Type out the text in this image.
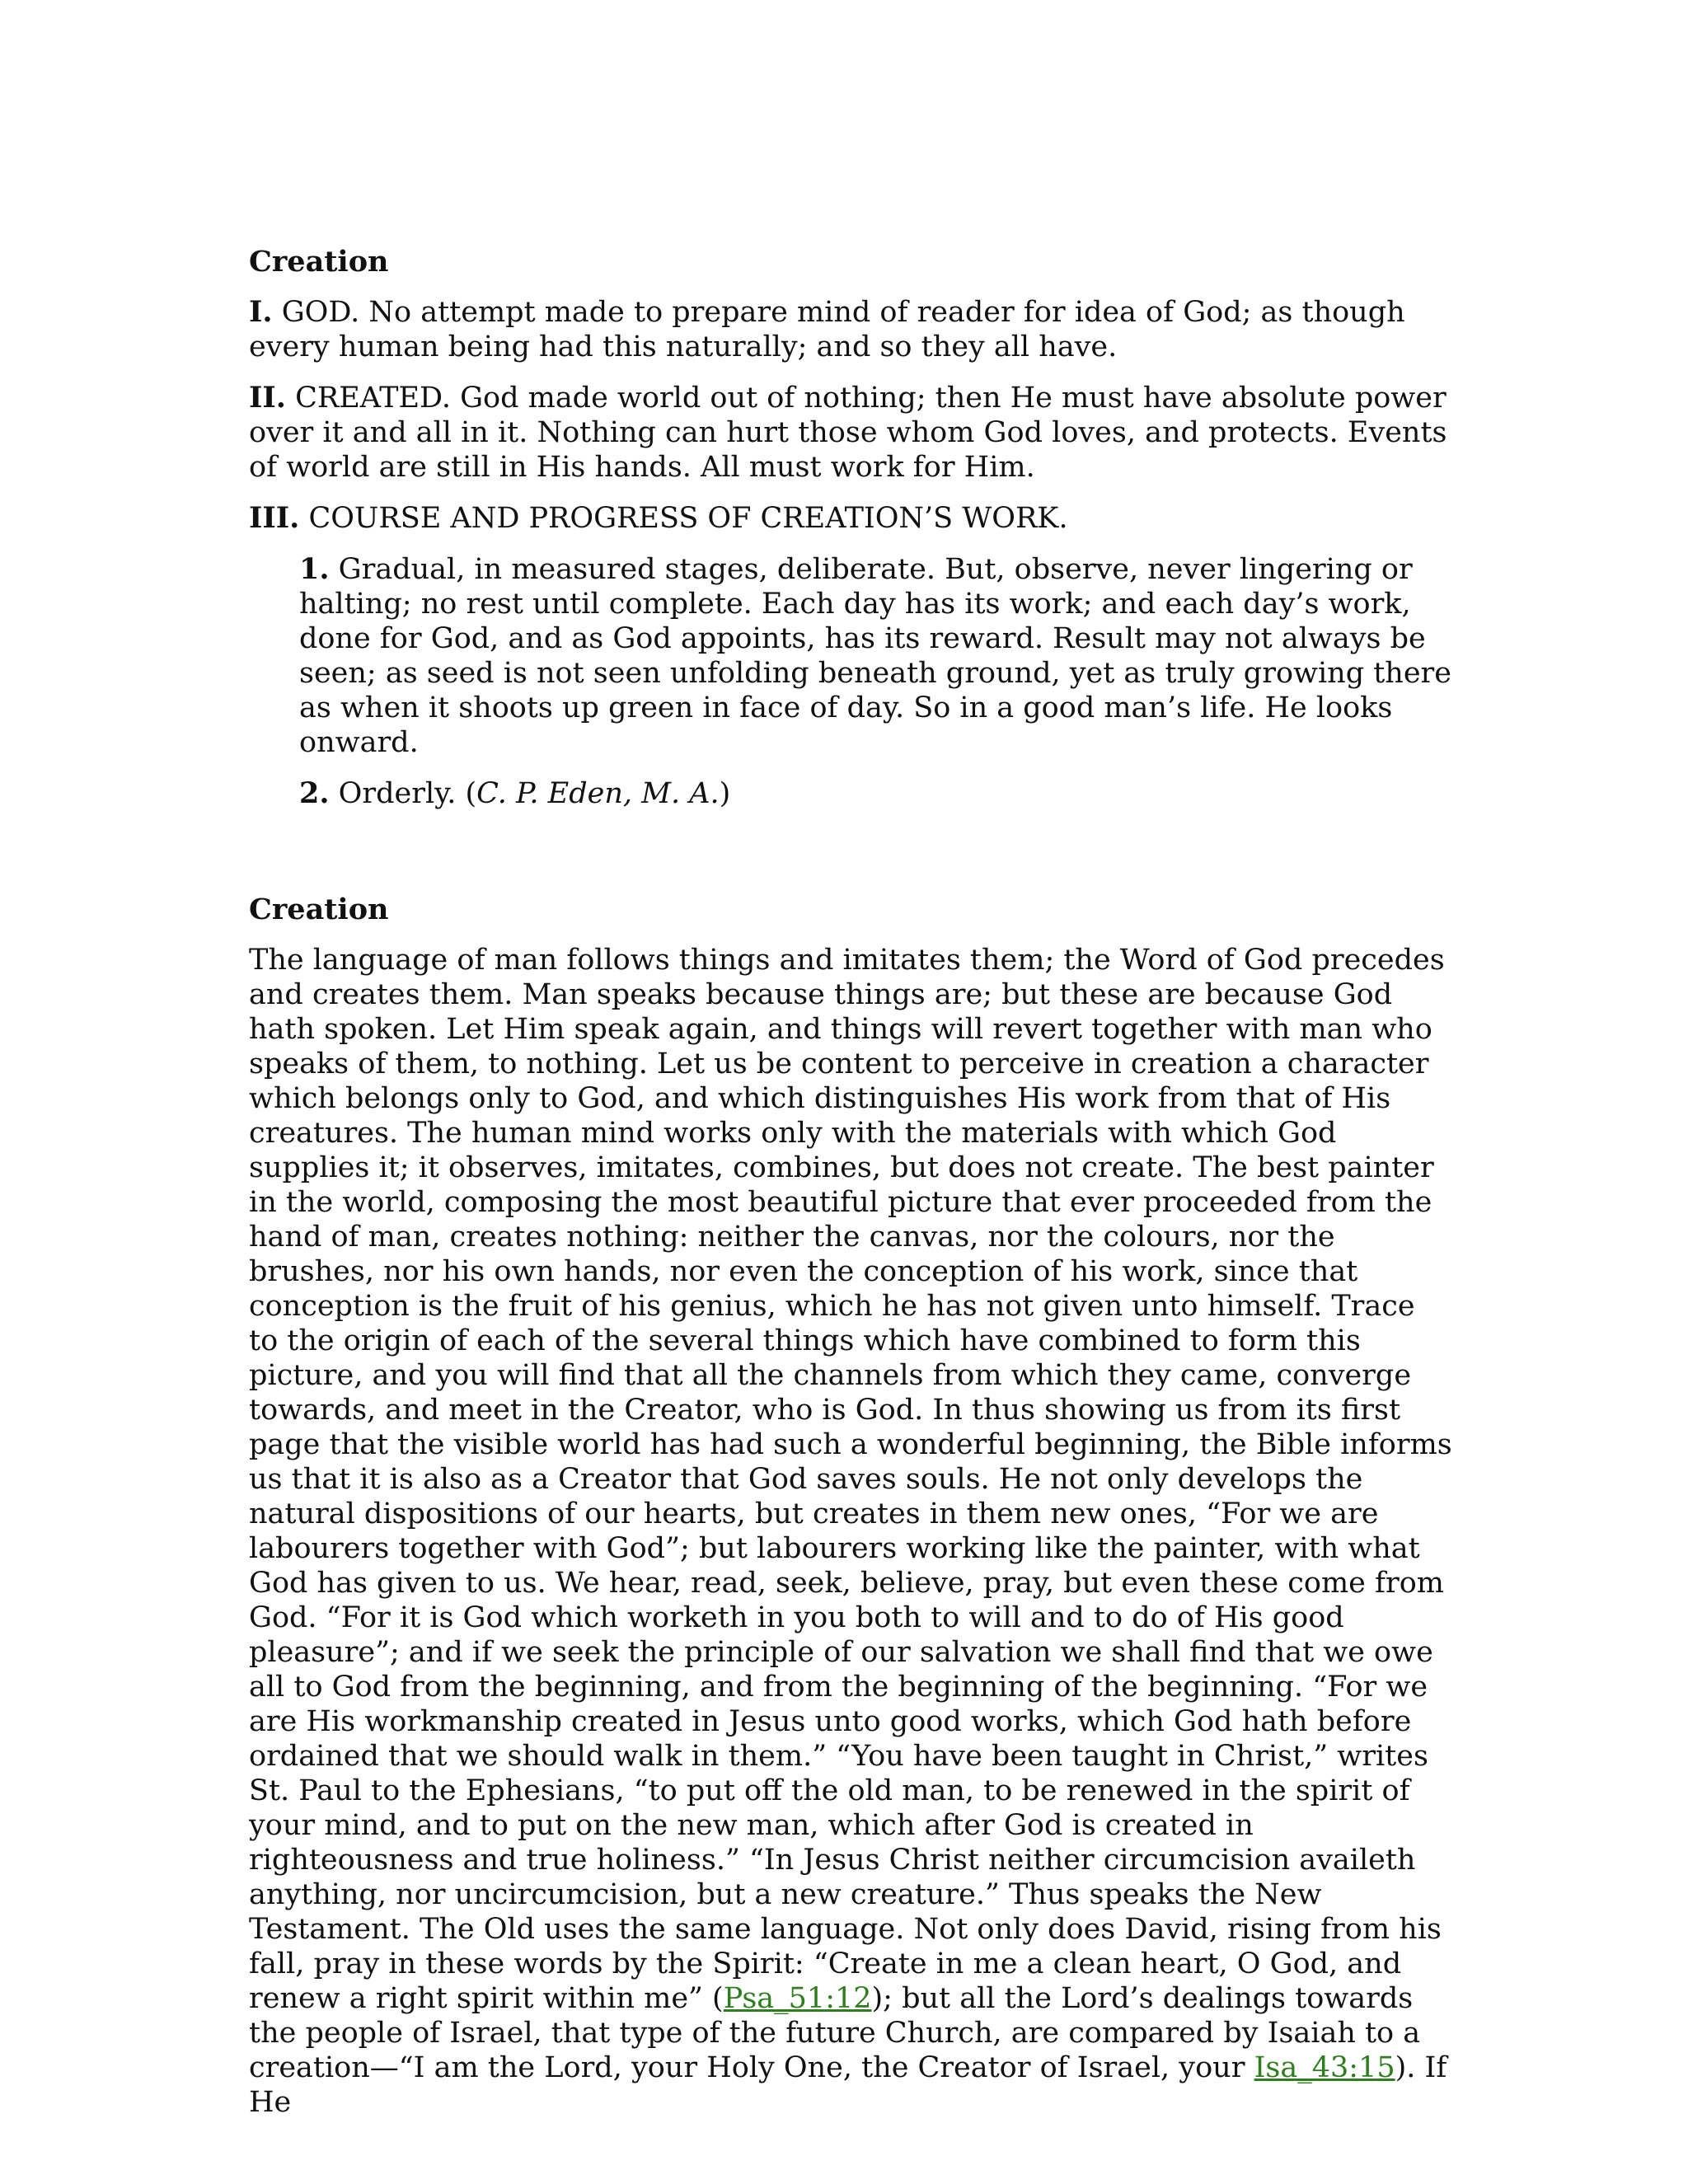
Creation

I. GOD. No attempt made to prepare mind of reader for idea of God; as though every human being had this naturally; and so they all have.

II. CREATED. God made world out of nothing; then He must have absolute power over it and all in it. Nothing can hurt those whom God loves, and protects. Events of world are still in His hands. All must work for Him.

III. COURSE AND PROGRESS OF CREATION’S WORK.

1. Gradual, in measured stages, deliberate. But, observe, never lingering or halting; no rest until complete. Each day has its work; and each day’s work, done for God, and as God appoints, has its reward. Result may not always be seen; as seed is not seen unfolding beneath ground, yet as truly growing there as when it shoots up green in face of day. So in a good man’s life. He looks onward.

2. Orderly. (C. P. Eden, M. A.)

Creation

The language of man follows things and imitates them; the Word of God precedes and creates them. Man speaks because things are; but these are because God hath spoken. Let Him speak again, and things will revert together with man who speaks of them, to nothing. Let us be content to perceive in creation a character which belongs only to God, and which distinguishes His work from that of His creatures. The human mind works only with the materials with which God supplies it; it observes, imitates, combines, but does not create. The best painter in the world, composing the most beautiful picture that ever proceeded from the hand of man, creates nothing: neither the canvas, nor the colours, nor the brushes, nor his own hands, nor even the conception of his work, since that conception is the fruit of his genius, which he has not given unto himself. Trace to the origin of each of the several things which have combined to form this picture, and you will find that all the channels from which they came, converge towards, and meet in the Creator, who is God. In thus showing us from its first page that the visible world has had such a wonderful beginning, the Bible informs us that it is also as a Creator that God saves souls. He not only develops the natural dispositions of our hearts, but creates in them new ones, “For we are labourers together with God”; but labourers working like the painter, with what God has given to us. We hear, read, seek, believe, pray, but even these come from God. “For it is God which worketh in you both to will and to do of His good pleasure”; and if we seek the principle of our salvation we shall find that we owe all to God from the beginning, and from the beginning of the beginning. “For we are His workmanship created in Jesus unto good works, which God hath before ordained that we should walk in them.” “You have been taught in Christ,” writes St. Paul to the Ephesians, “to put off the old man, to be renewed in the spirit of your mind, and to put on the new man, which after God is created in righteousness and true holiness.” “In Jesus Christ neither circumcision availeth anything, nor uncircumcision, but a new creature.” Thus speaks the New Testament. The Old uses the same language. Not only does David, rising from his fall, pray in these words by the Spirit: “Create in me a clean heart, O God, and renew a right spirit within me” (Psa_51:12); but all the Lord’s dealings towards the people of Israel, that type of the future Church, are compared by Isaiah to a creation—“I am the Lord, your Holy One, the Creator of Israel, your Isa_43:15). If He
